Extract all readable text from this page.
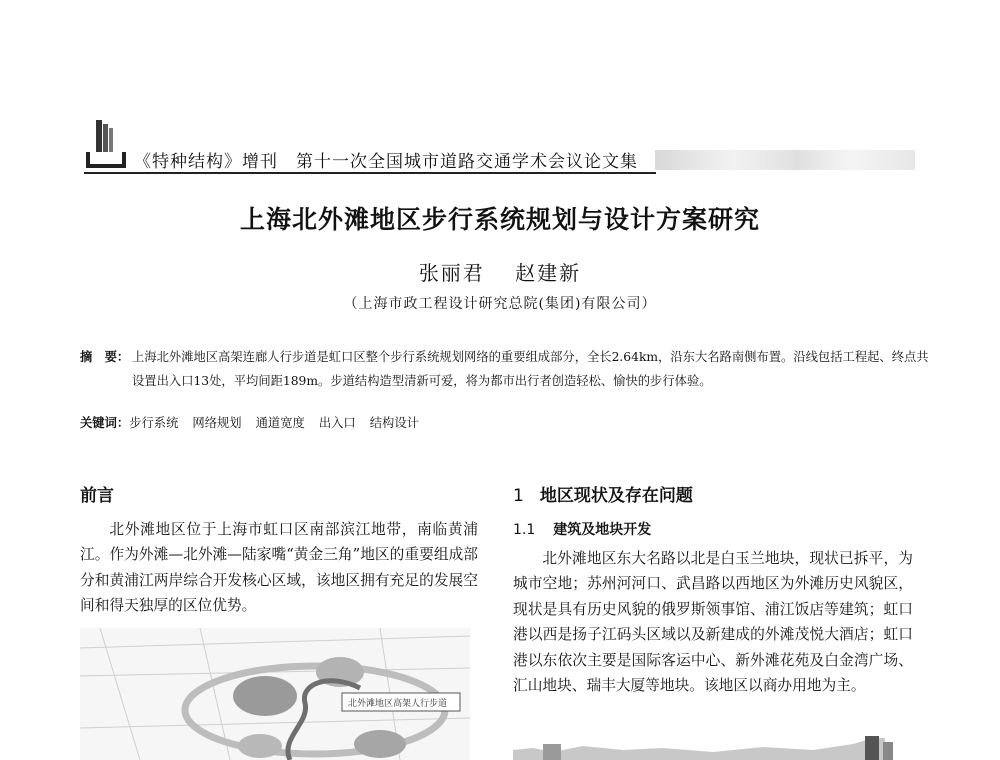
《特种结构》增刊 第十一次全国城市道路交通学术会议论文集
上海北外滩地区步行系统规划与设计方案研究
张丽君 赵建新
（上海市政工程设计研究总院(集团)有限公司）
摘　要： 上海北外滩地区高架连廊人行步道是虹口区整个步行系统规划网络的重要组成部分，全长2.64km，沿东大名路南侧布置。沿线包括工程起、终点共设置出入口13处，平均间距189m。步道结构造型清新可爱，将为都市出行者创造轻松、愉快的步行体验。
关键词：步行系统 网络规划 通道宽度 出入口 结构设计
前言
北外滩地区位于上海市虹口区南部滨江地带，南临黄浦江。作为外滩—北外滩—陆家嘴“黄金三角”地区的重要组成部分和黄浦江两岸综合开发核心区域，该地区拥有充足的发展空间和得天独厚的区位优势。
北外滩地区高架人行步道
1 地区现状及存在问题
1.1 建筑及地块开发
北外滩地区东大名路以北是白玉兰地块，现状已拆平，为城市空地；苏州河河口、武昌路以西地区为外滩历史风貌区，现状是具有历史风貌的俄罗斯领事馆、浦江饭店等建筑；虹口港以西是扬子江码头区域以及新建成的外滩茂悦大酒店；虹口港以东依次主要是国际客运中心、新外滩花苑及白金湾广场、汇山地块、瑞丰大厦等地块。该地区以商办用地为主。
